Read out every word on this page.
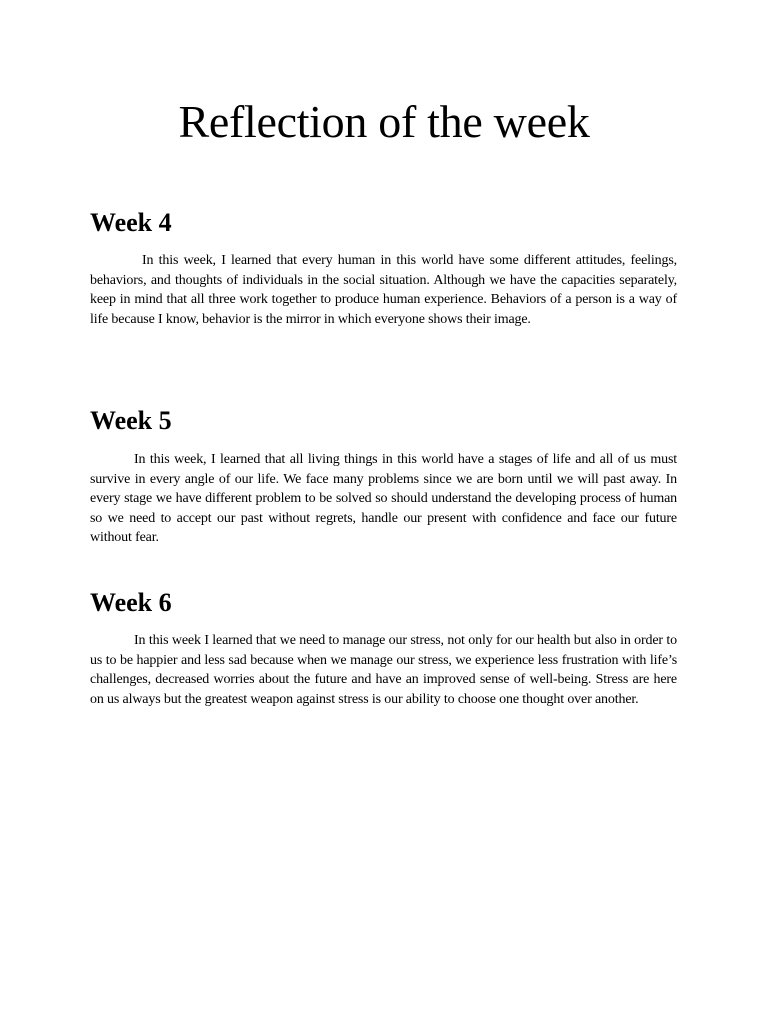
Reflection of the week
Week 4

In this week, I learned that every human in this world have some different attitudes, feelings, behaviors, and thoughts of individuals in the social situation. Although we have the capacities separately, keep in mind that all three work together to produce human experience. Behaviors of a person is a way of life because I know, behavior is the mirror in which everyone shows their image.

Week 5

In this week, I learned that all living things in this world have a stages of life and all of us must survive in every angle of our life. We face many problems since we are born until we will past away. In every stage we have different problem to be solved so should understand the developing process of human so we need to accept our past without regrets, handle our present with confidence and face our future without fear.

Week 6

In this week I learned that we need to manage our stress, not only for our health but also in order to us to be happier and less sad because when we manage our stress, we experience less frustration with life’s challenges, decreased worries about the future and have an improved sense of well-being. Stress are here on us always but the greatest weapon against stress is our ability to choose one thought over another.
